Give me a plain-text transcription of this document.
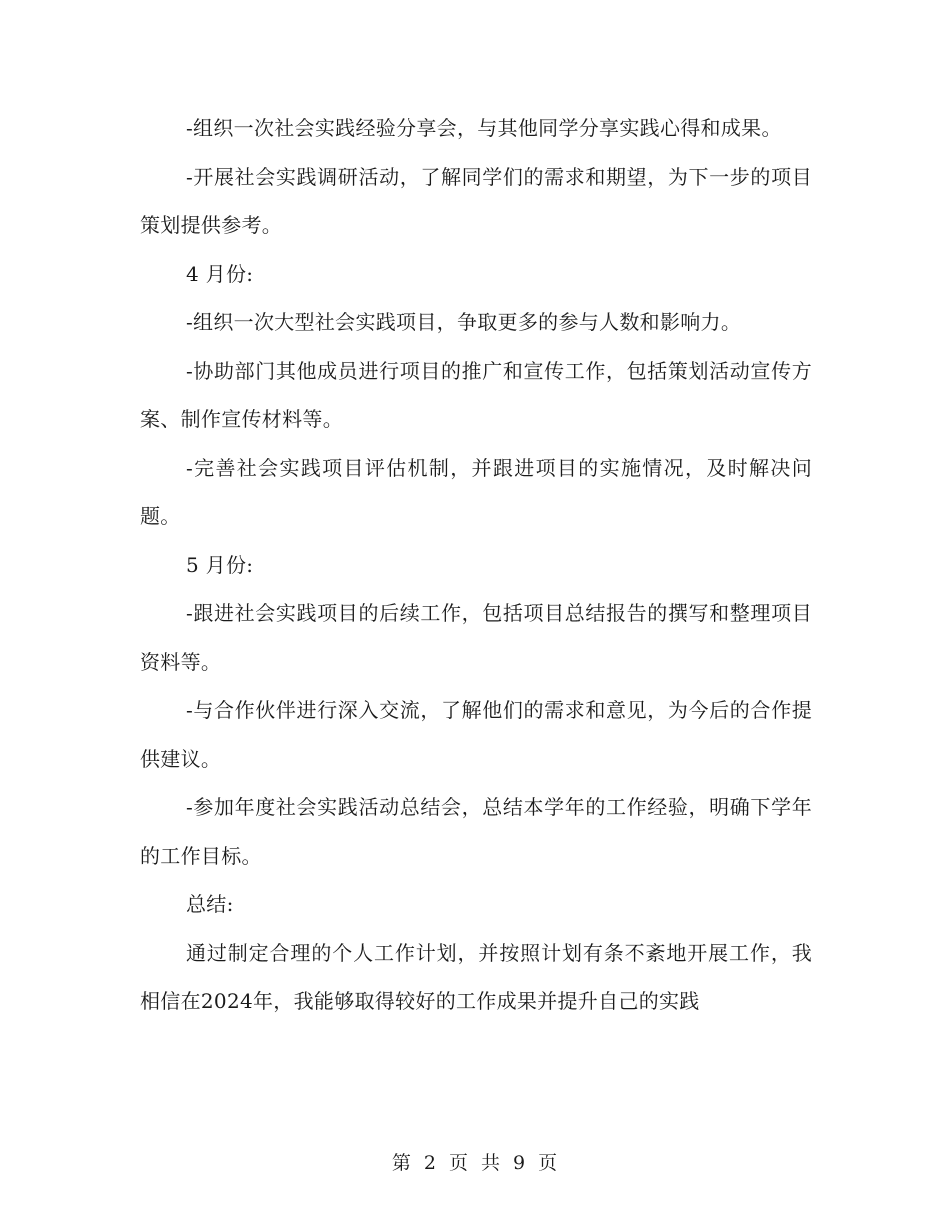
-组织一次社会实践经验分享会，与其他同学分享实践心得和成果。

-开展社会实践调研活动，了解同学们的需求和期望，为下一步的项目策划提供参考。

4 月份:

-组织一次大型社会实践项目，争取更多的参与人数和影响力。

-协助部门其他成员进行项目的推广和宣传工作，包括策划活动宣传方案、制作宣传材料等。

-完善社会实践项目评估机制，并跟进项目的实施情况，及时解决问题。

5 月份:

-跟进社会实践项目的后续工作，包括项目总结报告的撰写和整理项目资料等。

-与合作伙伴进行深入交流，了解他们的需求和意见，为今后的合作提供建议。

-参加年度社会实践活动总结会，总结本学年的工作经验，明确下学年的工作目标。

总结:

通过制定合理的个人工作计划，并按照计划有条不紊地开展工作，我相信在2024年，我能够取得较好的工作成果并提升自己的实践

第 2 页 共 9 页
